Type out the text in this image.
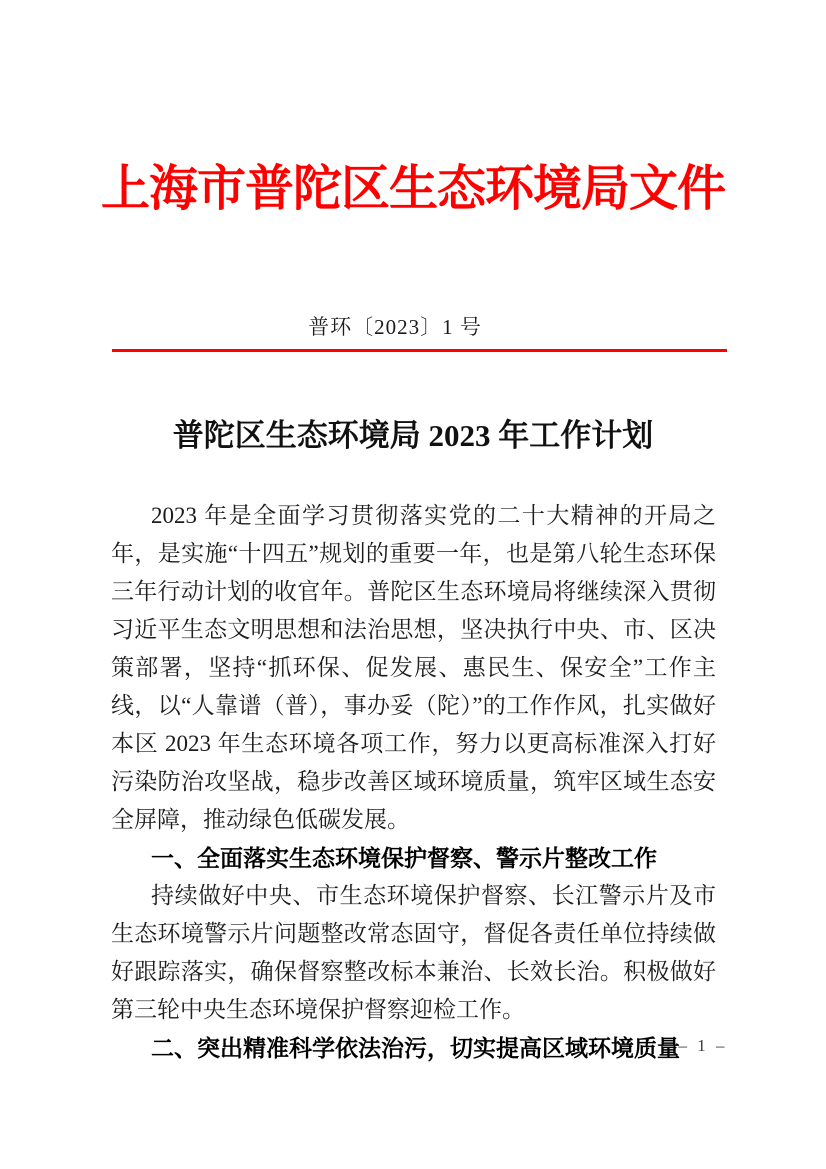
上海市普陀区生态环境局文件
普环〔2023〕1 号
普陀区生态环境局 2023 年工作计划

2023 年是全面学习贯彻落实党的二十大精神的开局之年，是实施“十四五”规划的重要一年，也是第八轮生态环保三年行动计划的收官年。普陀区生态环境局将继续深入贯彻习近平生态文明思想和法治思想，坚决执行中央、市、区决策部署，坚持“抓环保、促发展、惠民生、保安全”工作主线，以“人靠谱（普），事办妥（陀）”的工作作风，扎实做好本区 2023 年生态环境各项工作，努力以更高标准深入打好污染防治攻坚战，稳步改善区域环境质量，筑牢区域生态安全屏障，推动绿色低碳发展。

一、全面落实生态环境保护督察、警示片整改工作

持续做好中央、市生态环境保护督察、长江警示片及市生态环境警示片问题整改常态固守，督促各责任单位持续做好跟踪落实，确保督察整改标本兼治、长效长治。积极做好第三轮中央生态环境保护督察迎检工作。

二、突出精准科学依法治污，切实提高区域环境质量

– 1 –
